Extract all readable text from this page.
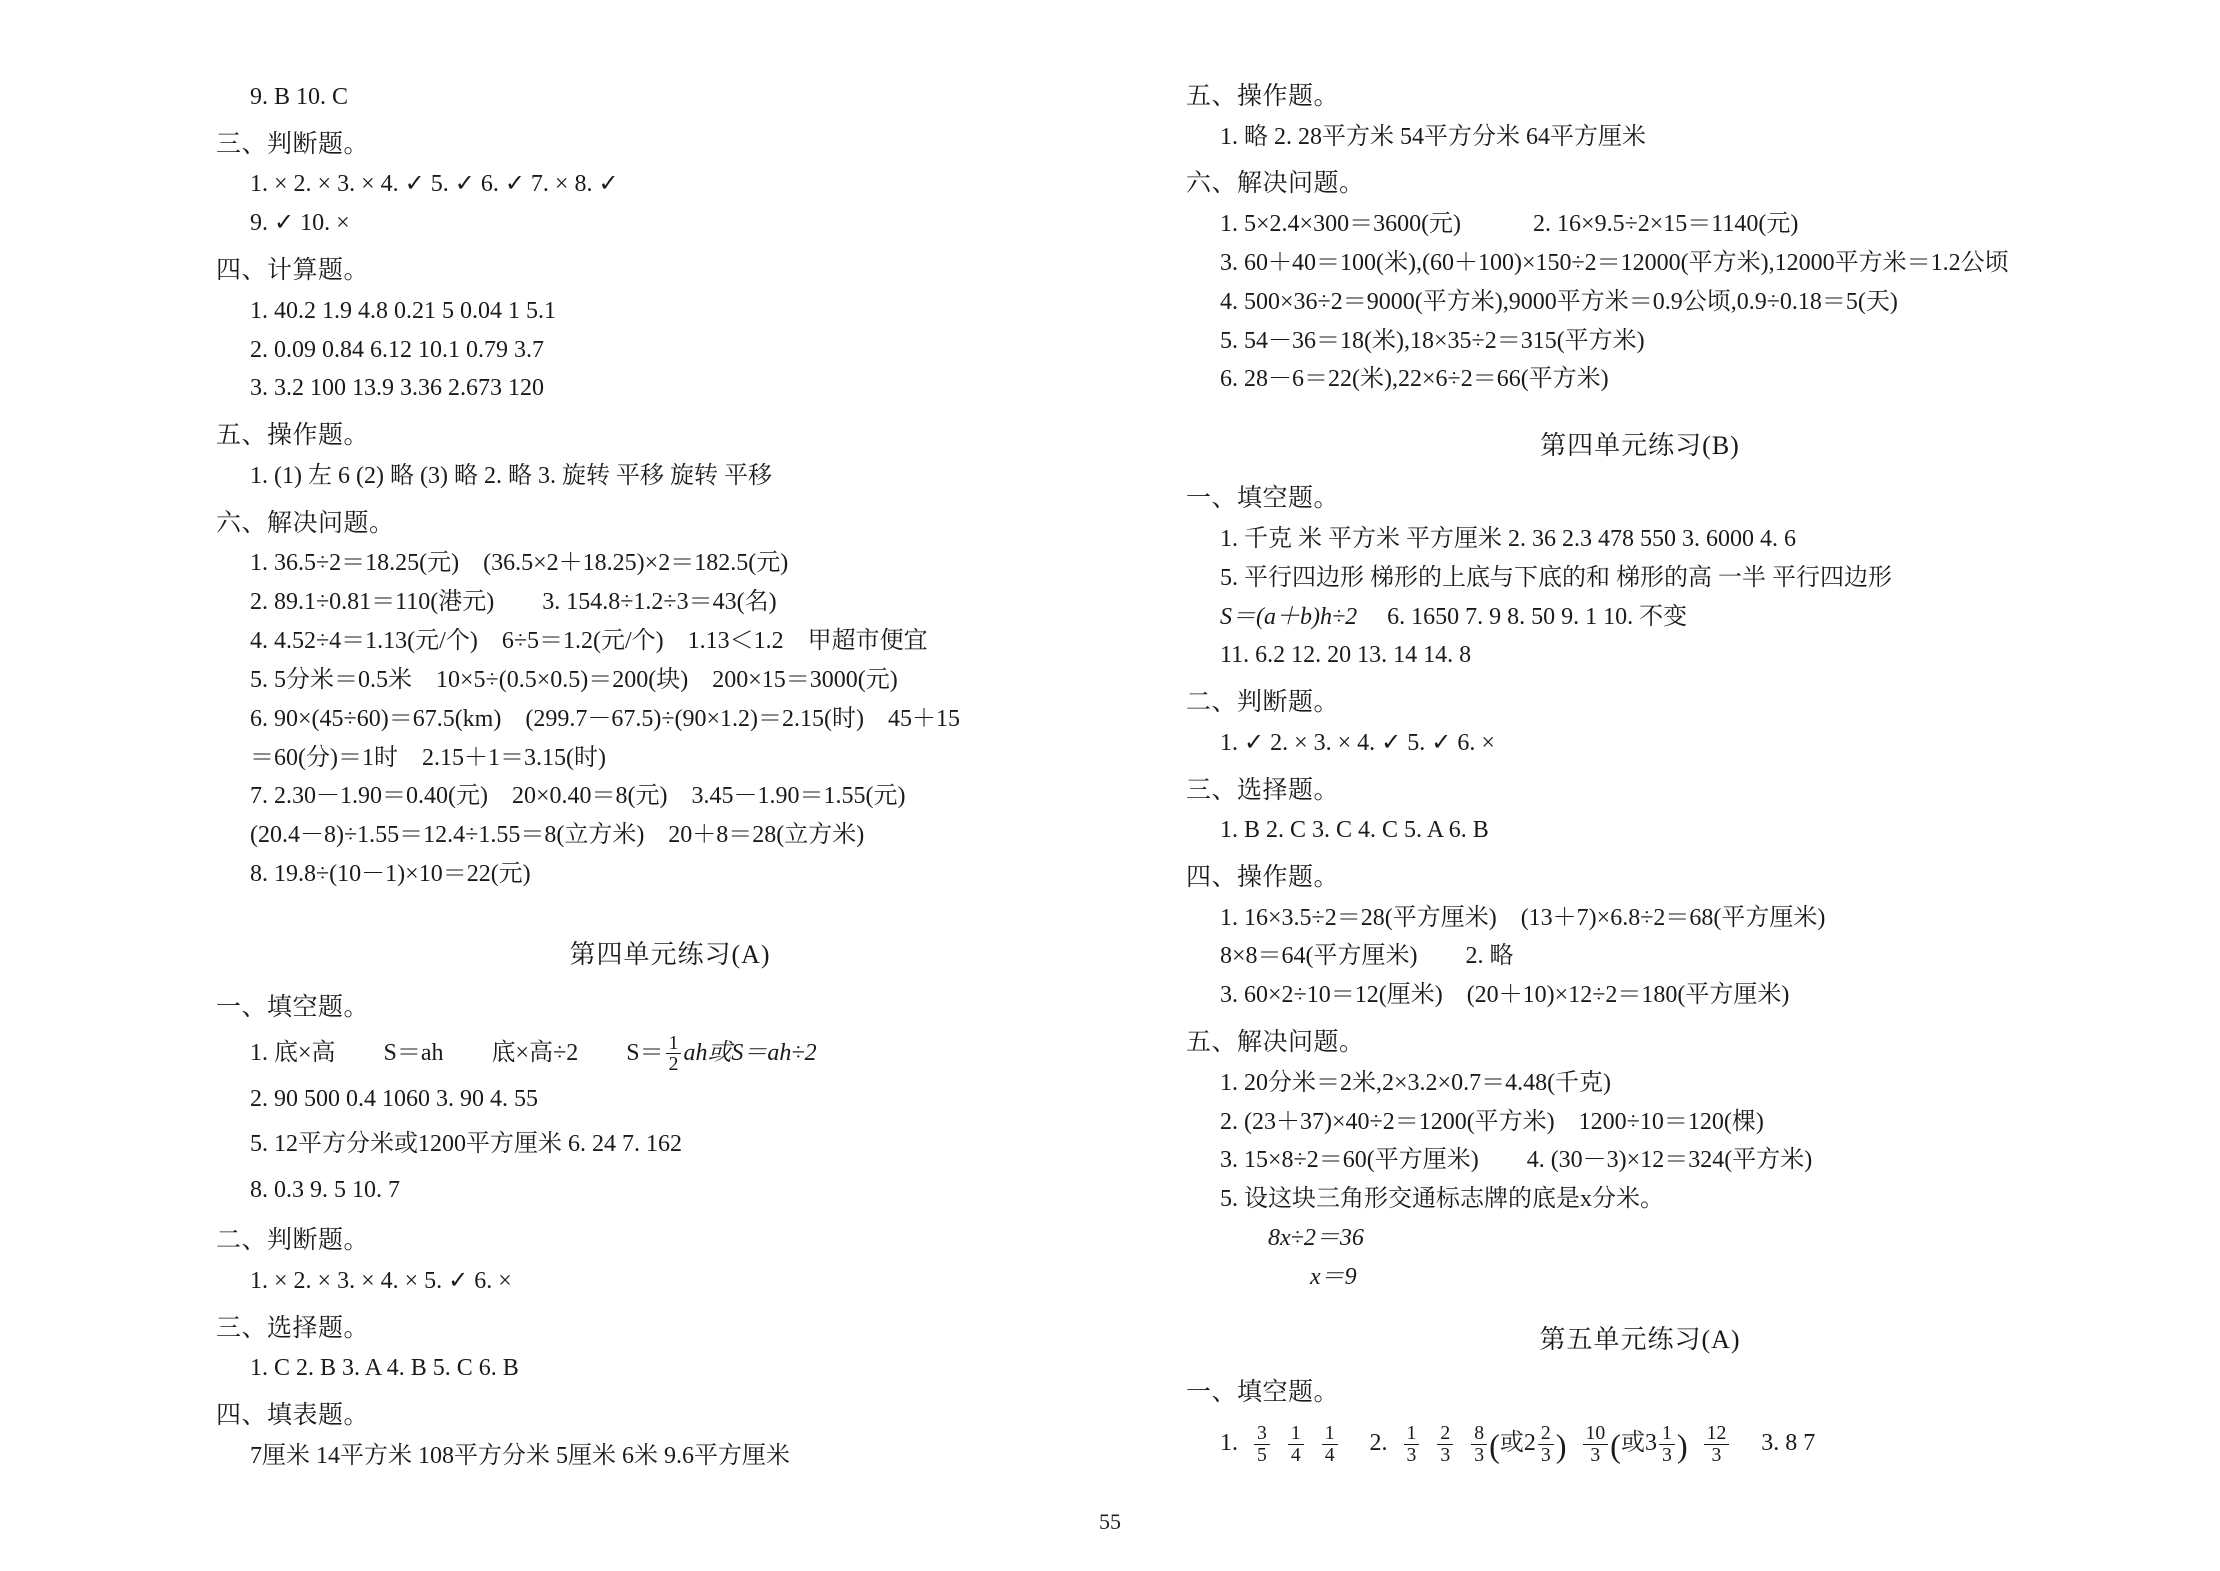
9. B 10. C
三、判断题。
1. × 2. × 3. × 4. ✓ 5. ✓ 6. ✓ 7. × 8. ✓
9. ✓ 10. ×
四、计算题。
1. 40.2 1.9 4.8 0.21 5 0.04 1 5.1
2. 0.09 0.84 6.12 10.1 0.79 3.7
3. 3.2 100 13.9 3.36 2.673 120
五、操作题。
1. (1) 左 6 (2) 略 (3) 略 2. 略 3. 旋转 平移 旋转 平移
六、解决问题。
1. 36.5÷2＝18.25(元)　(36.5×2＋18.25)×2＝182.5(元)
2. 89.1÷0.81＝110(港元)　　3. 154.8÷1.2÷3＝43(名)
4. 4.52÷4＝1.13(元/个)　6÷5＝1.2(元/个)　1.13＜1.2　甲超市便宜
5. 5分米＝0.5米　10×5÷(0.5×0.5)＝200(块)　200×15＝3000(元)
6. 90×(45÷60)＝67.5(km)　(299.7－67.5)÷(90×1.2)＝2.15(时)　45＋15
＝60(分)＝1时　2.15＋1＝3.15(时)
7. 2.30－1.90＝0.40(元)　20×0.40＝8(元)　3.45－1.90＝1.55(元)
(20.4－8)÷1.55＝12.4÷1.55＝8(立方米)　20＋8＝28(立方米)
8. 19.8÷(10－1)×10＝22(元)
第四单元练习(A)
一、填空题。
1. 底×高　　S＝ah　　底×高÷2　　$S= \frac{1}{2}$ ah或S＝ah÷2
2. 90 500 0.4 1060 3. 90 4. 55
5. 12平方分米或1200平方厘米 6. 24 7. 162
8. 0.3 9. 5 10. 7
二、判断题。
1. × 2. × 3. × 4. × 5. ✓ 6. ×
三、选择题。
1. C 2. B 3. A 4. B 5. C 6. B
四、填表题。
7厘米 14平方米 108平方分米 5厘米 6米 9.6平方厘米
五、操作题。
1. 略 2. 28平方米 54平方分米 64平方厘米
六、解决问题。
1. 5×2.4×300＝3600(元)　　　2. 16×9.5÷2×15＝1140(元)
3. 60＋40＝100(米),(60＋100)×150÷2＝12000(平方米),12000平方米＝1.2公顷
4. 500×36÷2＝9000(平方米),9000平方米＝0.9公顷,0.9÷0.18＝5(天)
5. 54－36＝18(米),18×35÷2＝315(平方米)
6. 28－6＝22(米),22×6÷2＝66(平方米)
第四单元练习(B)
一、填空题。
1. 千克 米 平方米 平方厘米 2. 36 2.3 478 550 3. 6000 4. 6
5. 平行四边形 梯形的上底与下底的和 梯形的高 一半 平行四边形
S＝(a＋b)h÷2 6. 1650 7. 9 8. 50 9. 1 10. 不变
11. 6.2 12. 20 13. 14 14. 8
二、判断题。
1. ✓ 2. × 3. × 4. ✓ 5. ✓ 6. ×
三、选择题。
1. B 2. C 3. C 4. C 5. A 6. B
四、操作题。
1. 16×3.5÷2＝28(平方厘米)　(13＋7)×6.8÷2＝68(平方厘米)
8×8＝64(平方厘米)　　2. 略
3. 60×2÷10＝12(厘米)　(20＋10)×12÷2＝180(平方厘米)
五、解决问题。
1. 20分米＝2米,2×3.2×0.7＝4.48(千克)
2. (23＋37)×40÷2＝1200(平方米)　1200÷10＝120(棵)
3. 15×8÷2＝60(平方厘米)　　4. (30－3)×12＝324(平方米)
5. 设这块三角形交通标志牌的底是x分米。
8x÷2＝36
x＝9
第五单元练习(A)
一、填空题。
1. $\frac{3}{5} \frac{1}{4} \frac{1}{4} 2$. $\frac{1}{3} \frac{2}{3} \frac{8}{3}$ (或$2 \frac{2}{3}$ ) $\frac{10}{3}$ (或$3 \frac{1}{3}$ ) $\frac{12}{3} 3$. 8 7
55
